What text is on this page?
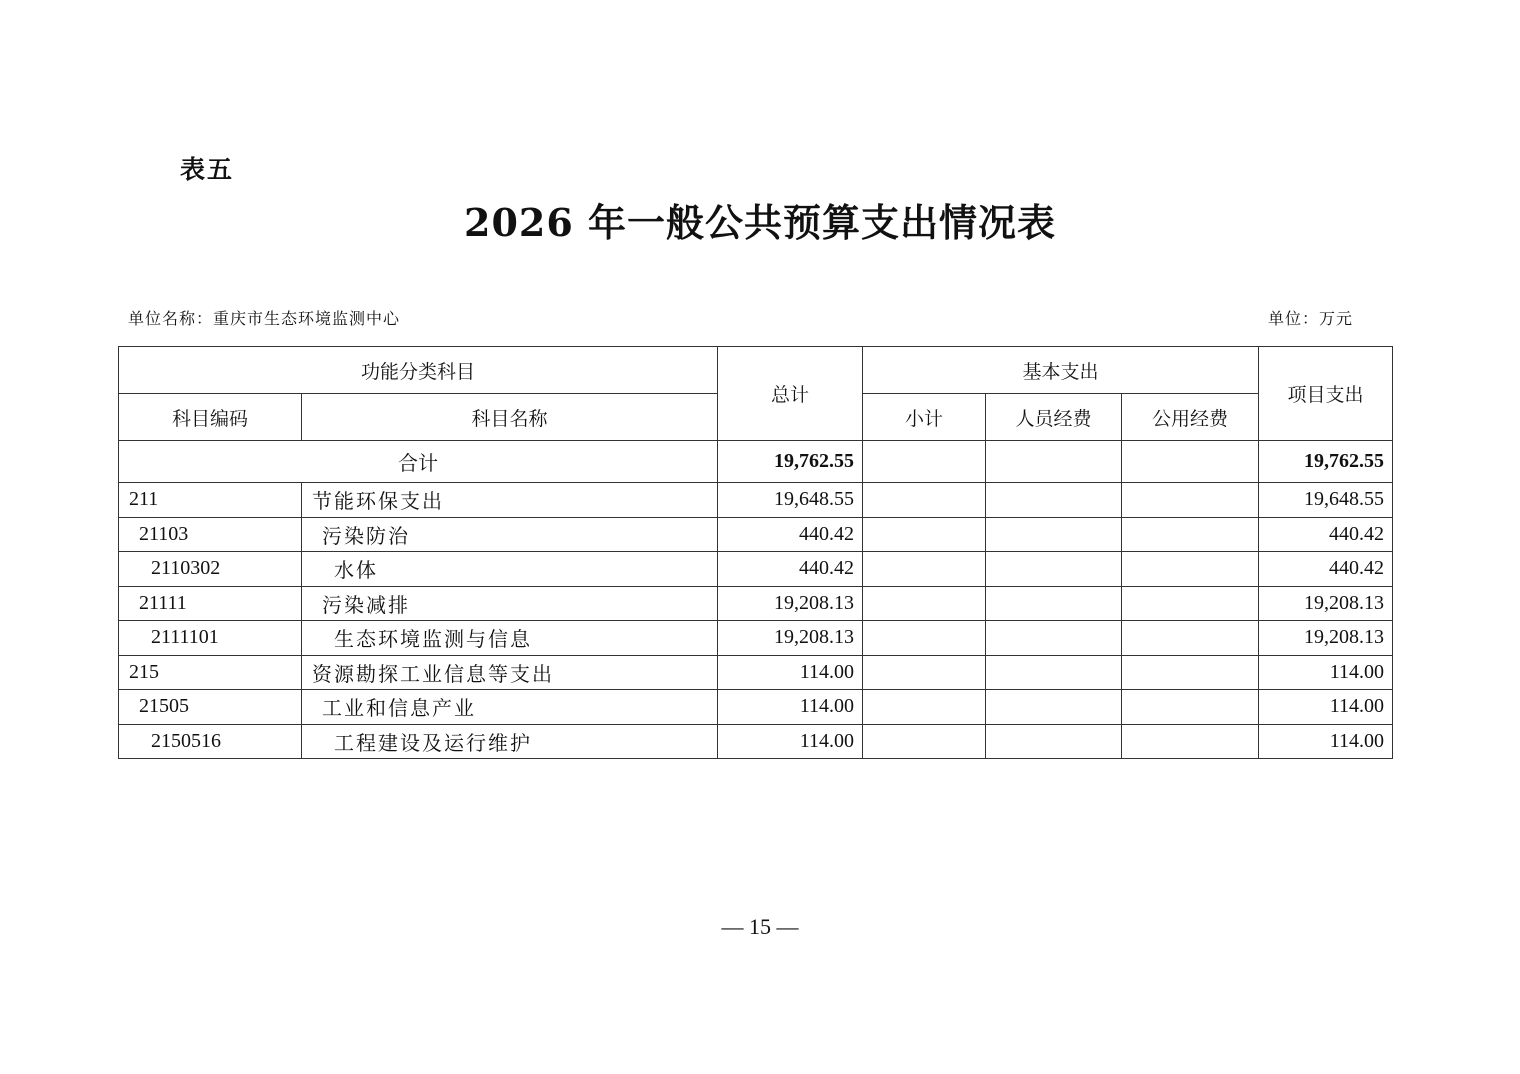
表五
2026 年一般公共预算支出情况表
单位名称：重庆市生态环境监测中心	单位：万元
功能分类科目		总计	基本支出			项目支出
科目编码	科目名称		小计	人员经费	公用经费	
合计		19,762.55				19,762.55
211	节能环保支出	19,648.55				19,648.55
21103	污染防治	440.42				440.42
2110302	水体	440.42				440.42
21111	污染减排	19,208.13				19,208.13
2111101	生态环境监测与信息	19,208.13				19,208.13
215	资源勘探工业信息等支出	114.00				114.00
21505	工业和信息产业	114.00				114.00
2150516	工程建设及运行维护	114.00				114.00
— 15 —
